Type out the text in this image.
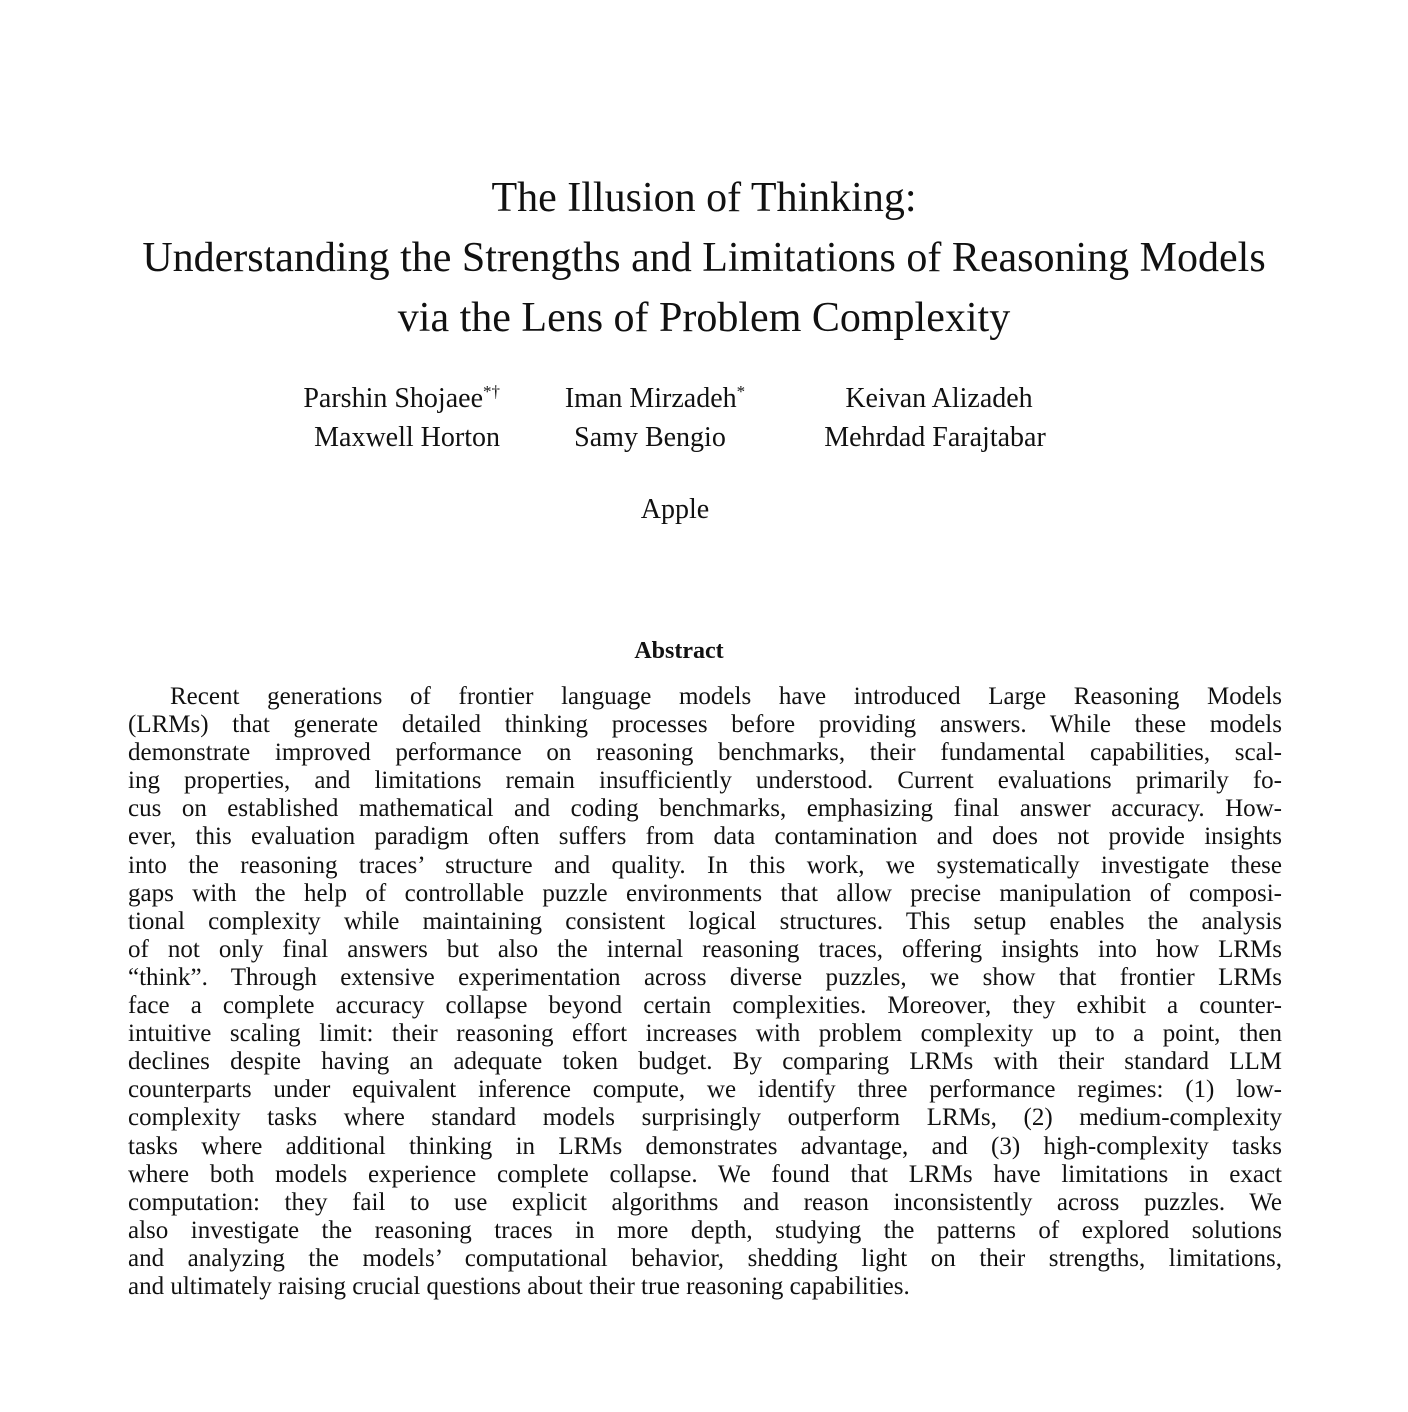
The Illusion of Thinking:
Understanding the Strengths and Limitations of Reasoning Models
via the Lens of Problem Complexity
Parshin Shojaee*† Iman Mirzadeh*	Keivan Alizadeh
Maxwell Horton	Samy Bengio	Mehrdad Farajtabar
Apple
Abstract
Recent generations of frontier language models have introduced Large Reasoning Models
(LRMs) that generate detailed thinking processes before providing answers. While these models
demonstrate improved performance on reasoning benchmarks, their fundamental capabilities, scal-
ing properties, and limitations remain insufficiently understood. Current evaluations primarily fo-
cus on established mathematical and coding benchmarks, emphasizing final answer accuracy. How-
ever, this evaluation paradigm often suffers from data contamination and does not provide insights
into the reasoning traces’ structure and quality. In this work, we systematically investigate these
gaps with the help of controllable puzzle environments that allow precise manipulation of composi-
tional complexity while maintaining consistent logical structures. This setup enables the analysis
of not only final answers but also the internal reasoning traces, offering insights into how LRMs
“think”. Through extensive experimentation across diverse puzzles, we show that frontier LRMs
face a complete accuracy collapse beyond certain complexities. Moreover, they exhibit a counter-
intuitive scaling limit: their reasoning effort increases with problem complexity up to a point, then
declines despite having an adequate token budget. By comparing LRMs with their standard LLM
counterparts under equivalent inference compute, we identify three performance regimes: (1) low-
complexity tasks where standard models surprisingly outperform LRMs, (2) medium-complexity
tasks where additional thinking in LRMs demonstrates advantage, and (3) high-complexity tasks
where both models experience complete collapse. We found that LRMs have limitations in exact
computation: they fail to use explicit algorithms and reason inconsistently across puzzles. We
also investigate the reasoning traces in more depth, studying the patterns of explored solutions
and analyzing the models’ computational behavior, shedding light on their strengths, limitations,
and ultimately raising crucial questions about their true reasoning capabilities.
